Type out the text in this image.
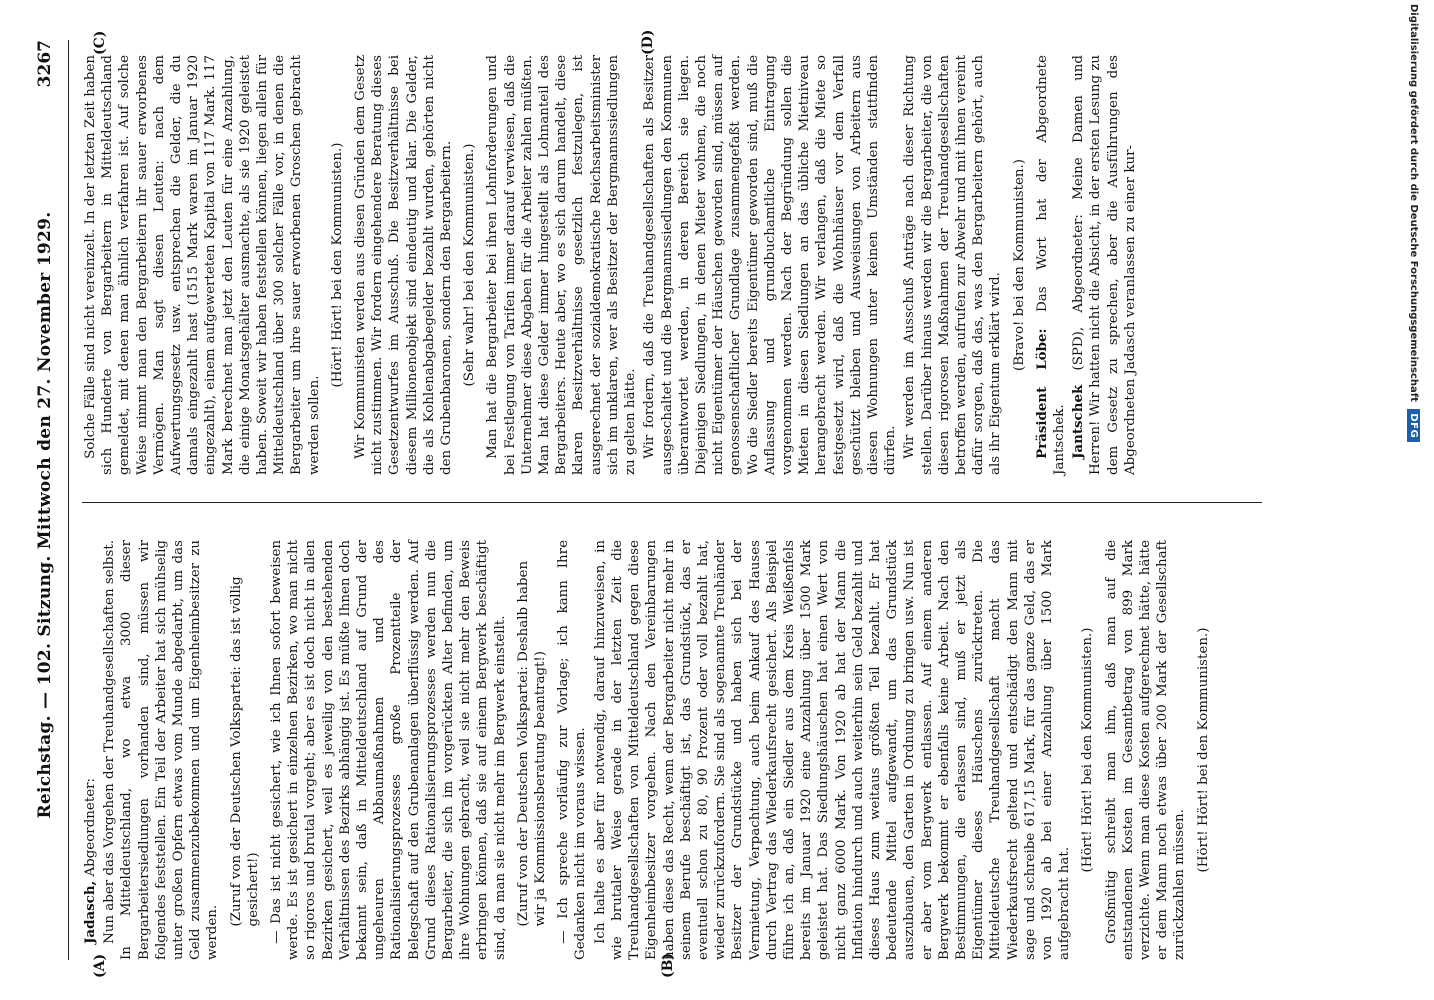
Reichstag. — 102. Sitzung. Mittwoch den 27. November 1929.
3267
(A)	(B)
(C)	(D)

Jadasch, Abgeordneter: Nun aber das Vorgehen der Treuhandgesellschaften selbst. In Mitteldeutschland, wo etwa 3000 dieser Bergarbeitersiedlungen vorhanden sind, müssen wir folgendes feststellen. Ein Teil der Arbeiter hat sich mühselig unter großen Opfern etwas vom Munde abgedarbt, um das Geld zusammenzubekommen und um Eigenheimbesitzer zu werden.

(Zuruf von der Deutschen Volkspartei: das ist völlig gesichert!) — Das ist nicht gesichert, wie ich Ihnen sofort beweisen werde. Es ist gesichert in einzelnen Bezirken, wo man nicht so rigoros und brutal vorgeht; aber es ist doch nicht in allen Bezirken gesichert, weil es jeweilig von den bestehenden Verhältnissen des Bezirks abhängig ist. Es müßte Ihnen doch bekannt sein, daß in Mitteldeutschland auf Grund der ungeheuren Abbaumaßnahmen und des Rationalisierungsprozesses große Prozentteile der Belegschaft auf den Grubenanlagen überflüssig werden. Auf Grund dieses Rationalisierungsprozesses werden nun die Bergarbeiter, die sich im vorgerückten Alter befinden, um ihre Wohnungen gebracht, weil sie nicht mehr den Beweis erbringen können, daß sie auf einem Bergwerk beschäftigt sind, da man sie nicht mehr im Bergwerk einstellt. (Zuruf von der Deutschen Volkspartei: Deshalb haben wir ja Kommissionsberatung beantragt!) — Ich spreche vorläufig zur Vorlage; ich kann Ihre Gedanken nicht im voraus wissen. Ich halte es aber für notwendig, darauf hinzuweisen, in wie brutaler Weise gerade in der letzten Zeit die Treuhandgesellschaften von Mitteldeutschland gegen diese Eigenheimbesitzer vorgehen. Nach den Vereinbarungen haben diese das Recht, wenn der Bergarbeiter nicht mehr in seinem Berufe beschäftigt ist, das Grundstück, das er eventuell schon zu 80, 90 Prozent oder voll bezahlt hat, wieder zurückzufordern. Sie sind als sogenannte Treuhänder Besitzer der Grundstücke und haben sich bei der Vermietung, Verpachtung, auch beim Ankauf des Hauses durch Vertrag das Wiederkaufsrecht gesichert. Als Beispiel führe ich an, daß ein Siedler aus dem Kreis Weißenfels bereits im Januar 1920 eine Anzahlung über 1500 Mark geleistet hat. Das Siedlungshäuschen hat einen Wert von nicht ganz 6000 Mark. Von 1920 ab hat der Mann die Inflation hindurch und auch weiterhin sein Geld bezahlt und dieses Haus zum weitaus größten Teil bezahlt. Er hat bedeutende Mittel aufgewandt, um das Grundstück auszubauen, den Garten in Ordnung zu bringen usw. Nun ist er aber vom Bergwerk entlassen. Auf einem anderen Bergwerk bekommt er ebenfalls keine Arbeit. Nach den Bestimmungen, die erlassen sind, muß er jetzt als Eigentümer dieses Häuschens zurücktreten. Die Mitteldeutsche Treuhandgesellschaft macht das Wiederkaufsrecht geltend und entschädigt den Mann mit sage und schreibe 617,15 Mark, für das ganze Geld, das er von 1920 ab bei einer Anzahlung über 1500 Mark aufgebracht hat.

(Hört! Hört! bei den Kommunisten.) Großmütig schreibt man ihm, daß man auf die entstandenen Kosten im Gesamtbetrag von 899 Mark verzichte. Wenn man diese Kosten aufgerechnet hätte, hätte er dem Mann noch etwas über 200 Mark der Gesellschaft zurückzahlen müssen.

(Hört! Hört! bei den Kommunisten.)

Solche Fälle sind nicht vereinzelt. In der letzten Zeit haben sich Hunderte von Bergarbeitern in Mitteldeutschland gemeldet, mit denen man ähnlich verfahren ist. Auf solche Weise nimmt man den Bergarbeitern ihr sauer erworbenes Vermögen. Man sagt diesen Leuten: nach dem Aufwertungsgesetz usw. entsprechen die Gelder, die du damals eingezahlt hast (1515 Mark waren im Januar 1920 eingezahlt), einem aufgewerteten Kapital von 117 Mark. 117 Mark berechnet man jetzt den Leuten für eine Anzahlung, die einige Monatsgehälter ausmachte, als sie 1920 geleistet haben. Soweit wir haben feststellen können, liegen allein für Mitteldeutschland über 300 solcher Fälle vor, in denen die Bergarbeiter um ihre sauer erworbenen Groschen gebracht werden sollen.

(Hört! Hört! bei den Kommunisten.) Wir Kommunisten werden aus diesen Gründen dem Gesetz nicht zustimmen. Wir fordern eingehendere Beratung dieses Gesetzentwurfes im Ausschuß. Die Besitzverhältnisse bei diesem Millionenobjekt sind eindeutig und klar. Die Gelder, die als Kohlenabgabegelder bezahlt wurden, gehörten nicht den Grubenbaronen, sondern den Bergarbeitern. (Sehr wahr! bei den Kommunisten.) Man hat die Bergarbeiter bei ihren Lohnforderungen und bei Festlegung von Tarifen immer darauf verwiesen, daß die Unternehmer diese Abgaben für die Arbeiter zahlen müßten. Man hat diese Gelder immer hingestellt als Lohnanteil des Bergarbeiters. Heute aber, wo es sich darum handelt, diese klaren Besitzverhältnisse gesetzlich festzulegen, ist ausgerechnet der sozialdemokratische Reichsarbeitsminister sich im unklaren, wer als Besitzer der Bergmannssiedlungen zu gelten hätte. Wir fordern, daß die Treuhandgesellschaften als Besitzer ausgeschaltet und die Bergmannssiedlungen den Kommunen überantwortet werden, in deren Bereich sie liegen. Diejenigen Siedlungen, in denen Mieter wohnen, die noch nicht Eigentümer der Häuschen geworden sind, müssen auf genossenschaftlicher Grundlage zusammengefaßt werden. Wo die Siedler bereits Eigentümer geworden sind, muß die Auflassung und grundbuchamtliche Eintragung vorgenommen werden. Nach der Begründung sollen die Mieten in diesen Siedlungen an das übliche Mietniveau herangebracht werden. Wir verlangen, daß die Miete so festgesetzt wird, daß die Wohnhäuser vor dem Verfall geschützt bleiben und Ausweisungen von Arbeitern aus diesen Wohnungen unter keinen Umständen stattfinden dürfen. Wir werden im Ausschuß Anträge nach dieser Richtung stellen. Darüber hinaus werden wir die Bergarbeiter, die von diesen rigorosen Maßnahmen der Treuhandgesellschaften betroffen werden, aufrufen zur Abwehr und mit ihnen vereint dafür sorgen, daß das, was den Bergarbeitern gehört, auch als ihr Eigentum erklärt wird.

(Bravo! bei den Kommunisten.)

Präsident Löbe: Das Wort hat der Abgeordnete Jantschek. Jantschek (SPD), Abgeordneter: Meine Damen und Herren! Wir hatten nicht die Absicht, in der ersten Lesung zu dem Gesetz zu sprechen, aber die Ausführungen des Abgeordneten Jadasch veranlassen zu einer kur-	Digitalisierung gefördert durch die Deutsche Forschungsgemeinschaft DFG
